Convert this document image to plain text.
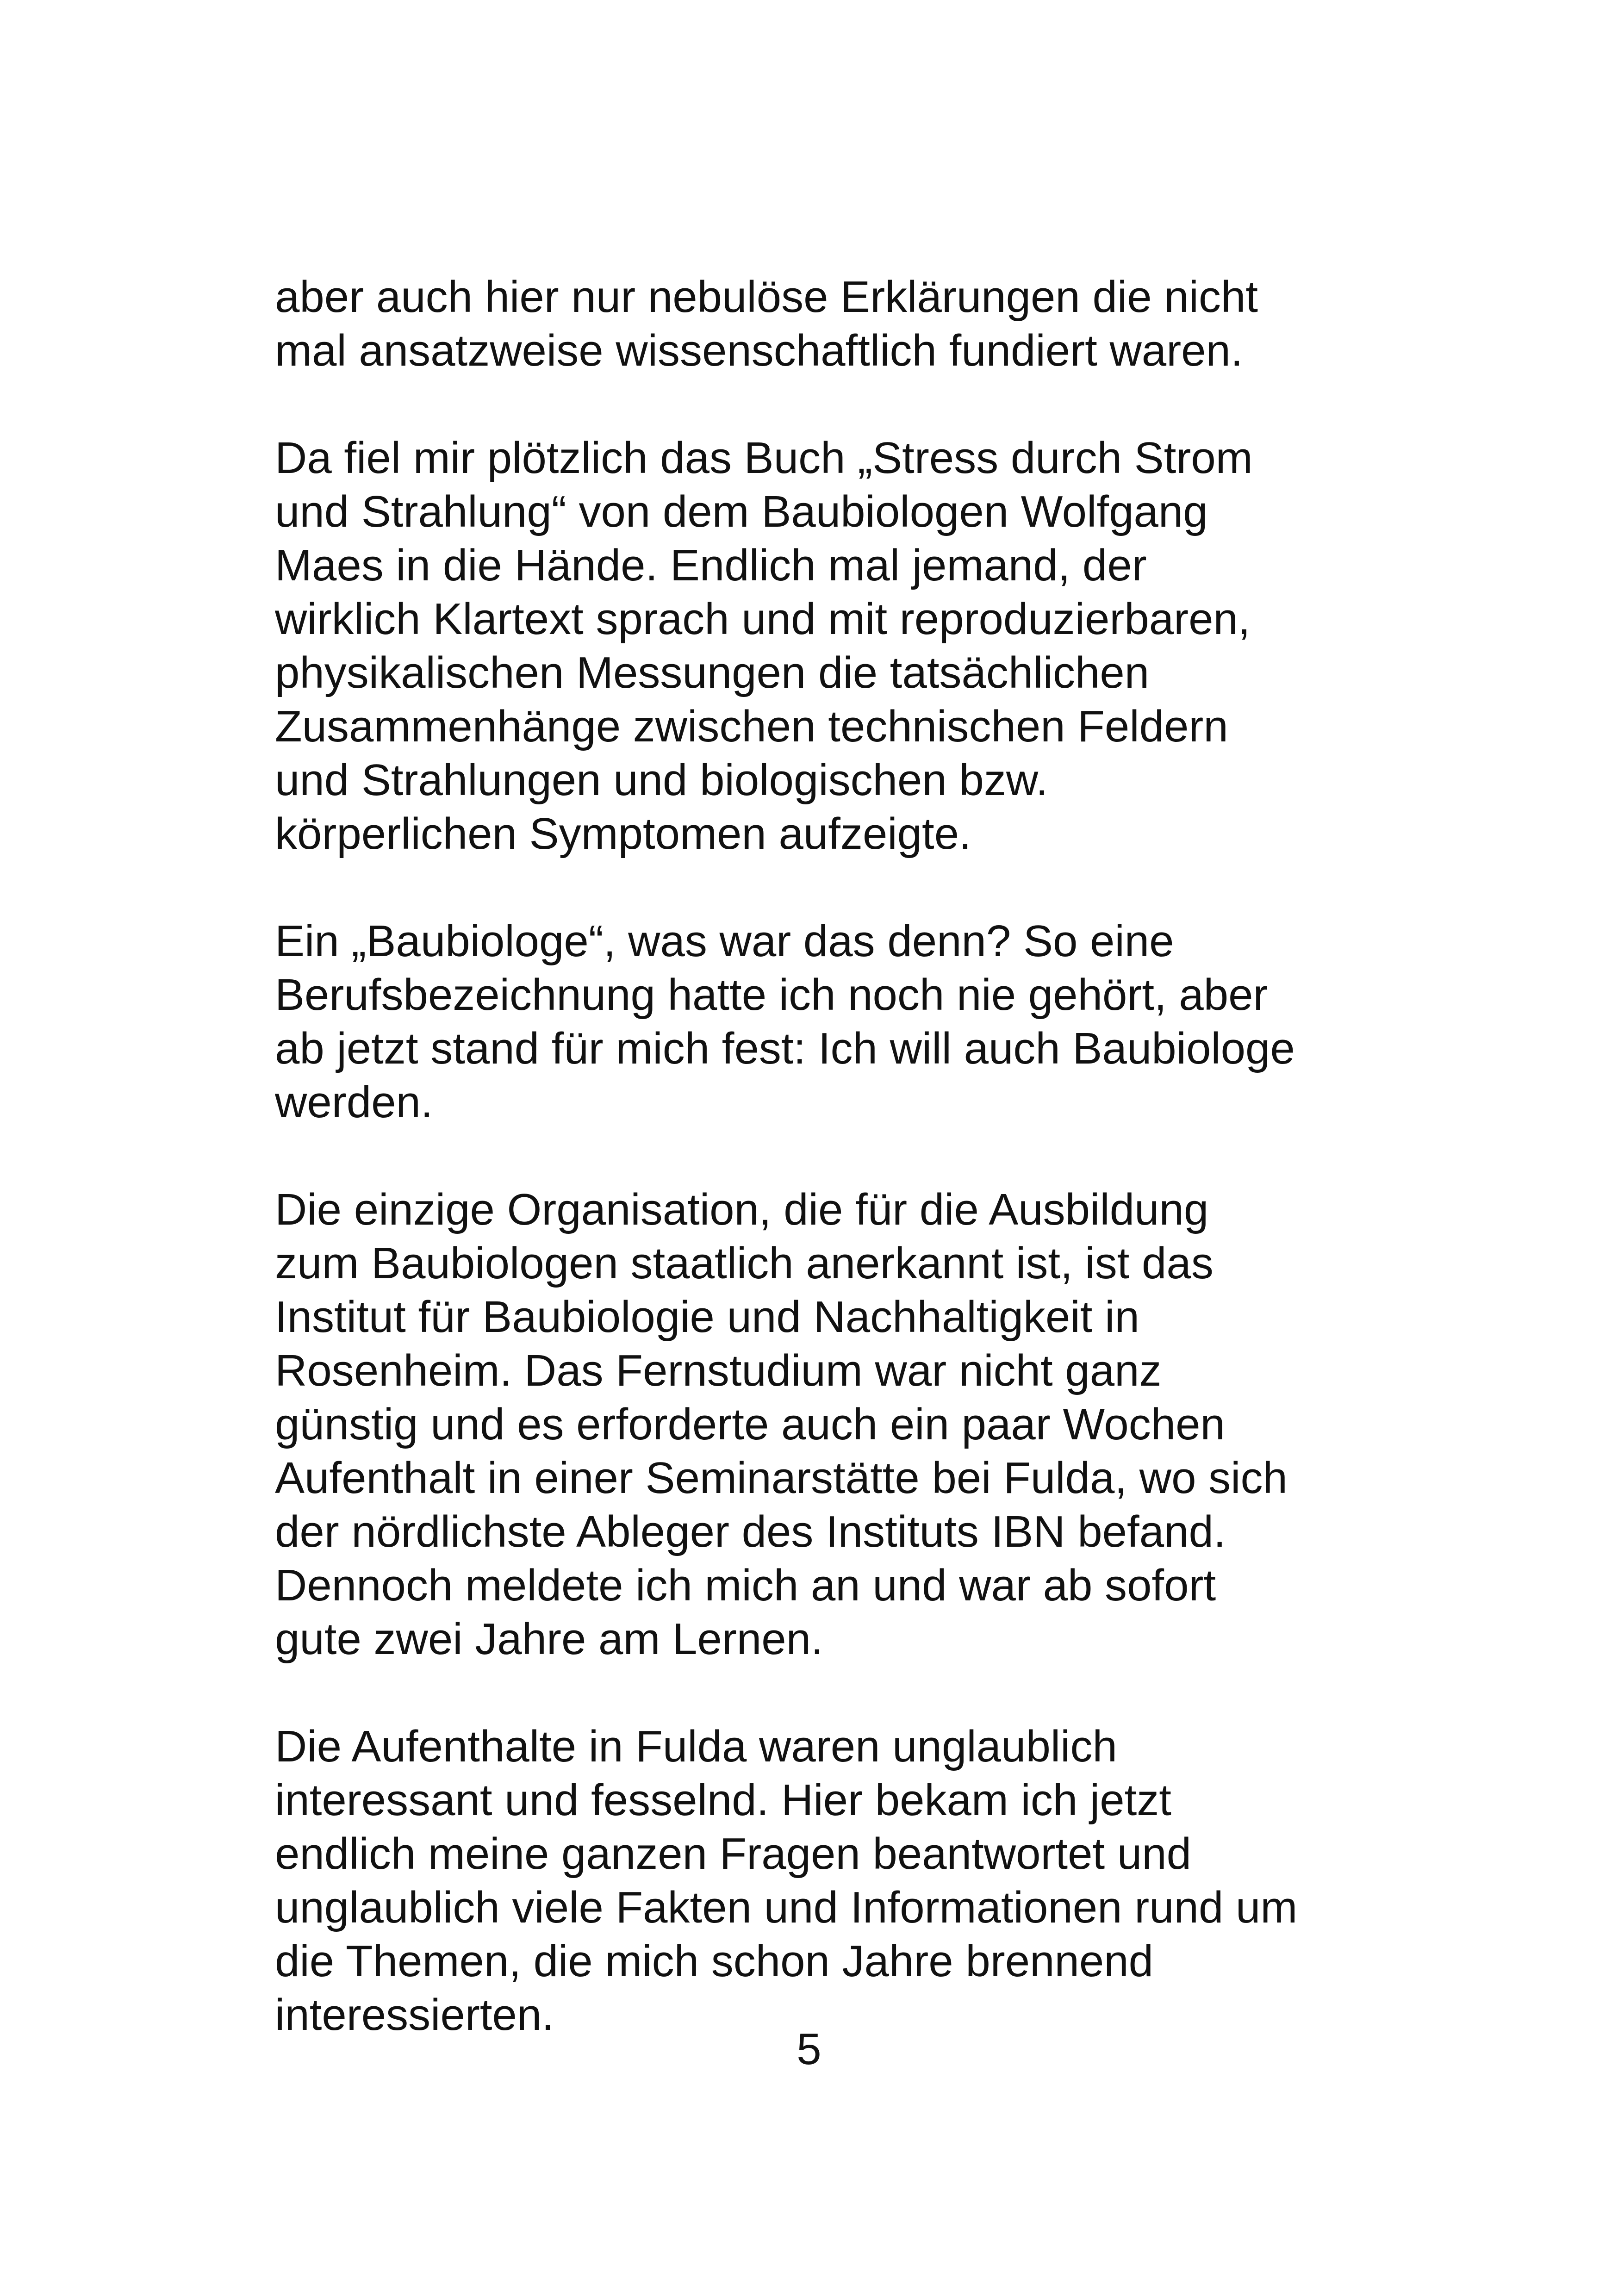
aber auch hier nur nebulöse Erklärungen die nicht
mal ansatzweise wissenschaftlich fundiert waren.

Da fiel mir plötzlich das Buch „Stress durch Strom
und Strahlung“ von dem Baubiologen Wolfgang
Maes in die Hände. Endlich mal jemand, der
wirklich Klartext sprach und mit reproduzierbaren,
physikalischen Messungen die tatsächlichen
Zusammenhänge zwischen technischen Feldern
und Strahlungen und biologischen bzw.
körperlichen Symptomen aufzeigte.

Ein „Baubiologe“, was war das denn? So eine
Berufsbezeichnung hatte ich noch nie gehört, aber
ab jetzt stand für mich fest: Ich will auch Baubiologe
werden.

Die einzige Organisation, die für die Ausbildung
zum Baubiologen staatlich anerkannt ist, ist das
Institut für Baubiologie und Nachhaltigkeit in
Rosenheim. Das Fernstudium war nicht ganz
günstig und es erforderte auch ein paar Wochen
Aufenthalt in einer Seminarstätte bei Fulda, wo sich
der nördlichste Ableger des Instituts IBN befand.
Dennoch meldete ich mich an und war ab sofort
gute zwei Jahre am Lernen.

Die Aufenthalte in Fulda waren unglaublich
interessant und fesselnd. Hier bekam ich jetzt
endlich meine ganzen Fragen beantwortet und
unglaublich viele Fakten und Informationen rund um
die Themen, die mich schon Jahre brennend
interessierten.

5
